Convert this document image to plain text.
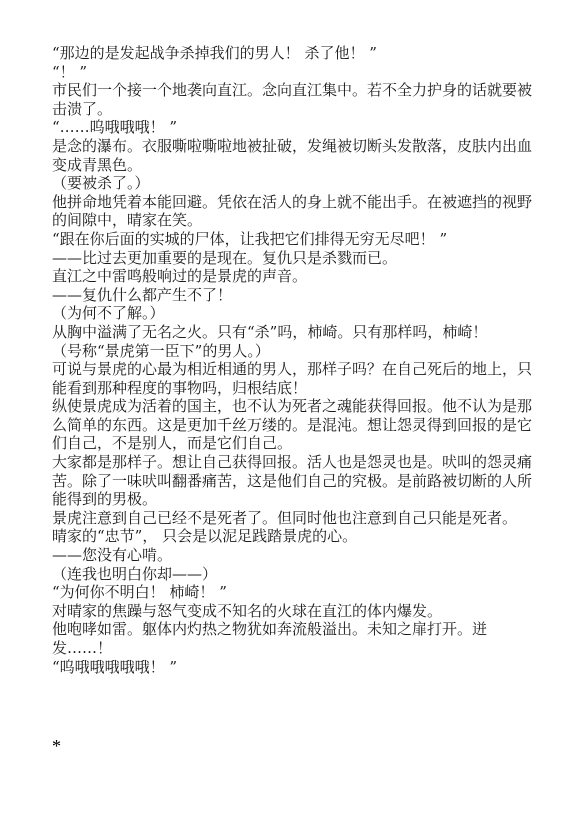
“那边的是发起战争杀掉我们的男人！ 杀了他！ ”

“！ ”

市民们一个接一个地袭向直江。念向直江集中。若不全力护身的话就要被击溃了。

“……呜哦哦哦！ ”

是念的瀑布。衣服嘶啦嘶啦地被扯破，发绳被切断头发散落，皮肤内出血变成青黑色。

（要被杀了。）

他拼命地凭着本能回避。凭依在活人的身上就不能出手。在被遮挡的视野的间隙中，晴家在笑。

“跟在你后面的实城的尸体，让我把它们排得无穷无尽吧！ ”

——比过去更加重要的是现在。复仇只是杀戮而已。

直江之中雷鸣般响过的是景虎的声音。

——复仇什么都产生不了！

（为何不了解。）

从胸中溢满了无名之火。只有“杀”吗，柿崎。只有那样吗，柿崎！

（号称“景虎第一臣下”的男人。）

可说与景虎的心最为相近相通的男人，那样子吗？在自己死后的地上，只能看到那种程度的事物吗，归根结底！

纵使景虎成为活着的国主，也不认为死者之魂能获得回报。他不认为是那么简单的东西。这是更加千丝万缕的。是混沌。想让怨灵得到回报的是它们自己，不是别人，而是它们自己。

大家都是那样子。想让自己获得回报。活人也是怨灵也是。吠叫的怨灵痛苦。除了一味吠叫翻番痛苦，这是他们自己的究极。是前路被切断的人所能得到的男极。

景虎注意到自己已经不是死者了。但同时他也注意到自己只能是死者。

晴家的“忠节”， 只会是以泥足践踏景虎的心。

——您没有心啃。

（连我也明白你却——）

“为何你不明白！ 柿崎！ ”

对晴家的焦躁与怒气变成不知名的火球在直江的体内爆发。

他咆哮如雷。躯体内灼热之物犹如奔流般溢出。未知之扉打开。迸发……！

“呜哦哦哦哦哦！ ”

*
